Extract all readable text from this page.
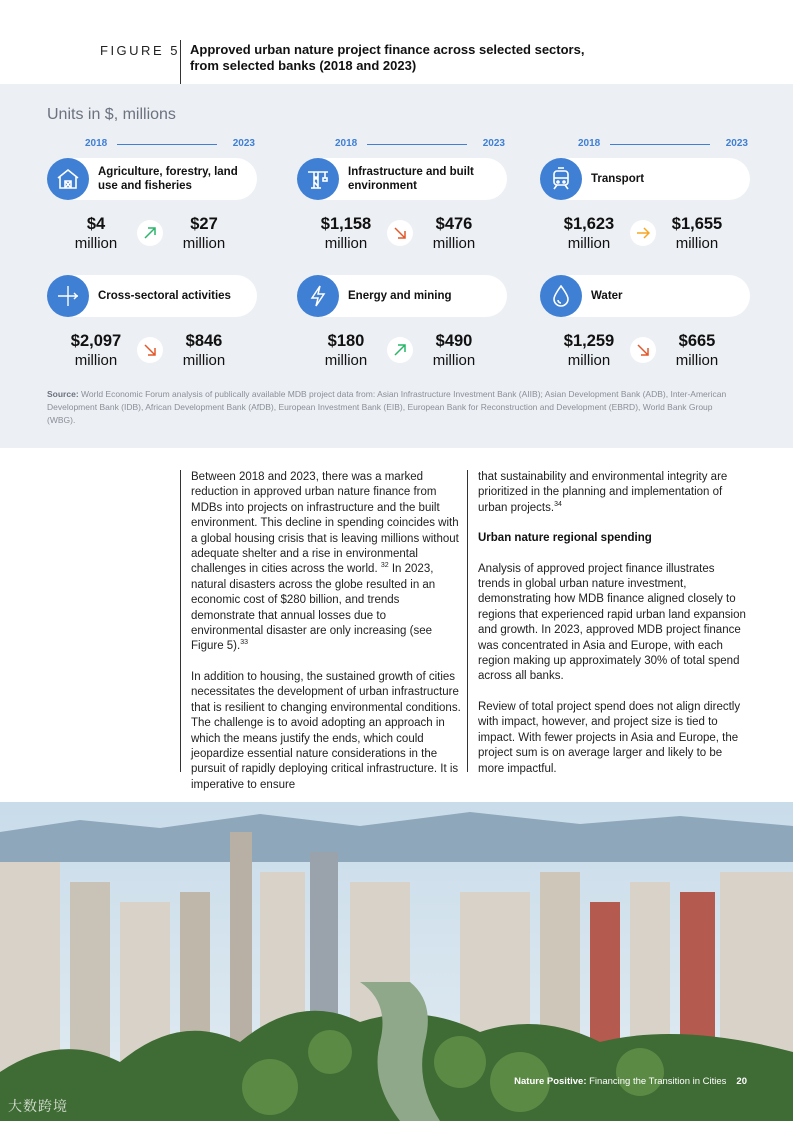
FIGURE 5 Approved urban nature project finance across selected sectors, from selected banks (2018 and 2023)
Units in $, millions
2018	2023
Agriculture, forestry, land use and fisheries
$4
million
$27
million
2018	2023
Infrastructure and built environment
$1,158
million
$476
million
2018	2023
Transport
$1,623
million
$1,655
million
Cross-sectoral activities
$2,097
million
$846
million
Energy and mining
$180
million
$490
million
Water
$1,259
million
$665
million
Source: World Economic Forum analysis of publically available MDB project data from: Asian Infrastructure Investment Bank (AIIB); Asian Development Bank (ADB), Inter-American Development Bank (IDB), African Development Bank (AfDB), European Investment Bank (EIB), European Bank for Reconstruction and Development (EBRD), World Bank Group (WBG).

Between 2018 and 2023, there was a marked reduction in approved urban nature finance from MDBs into projects on infrastructure and the built environment. This decline in spending coincides with a global housing crisis that is leaving millions without adequate shelter and a rise in environmental challenges in cities across the world. $^{32}$ In 2023, natural disasters across the globe resulted in an economic cost of $280 billion, and trends demonstrate that annual losses due to environmental disaster are only increasing (see Figure 5).$^{33}$

In addition to housing, the sustained growth of cities necessitates the development of urban infrastructure that is resilient to changing environmental conditions. The challenge is to avoid adopting an approach in which the means justify the ends, which could jeopardize essential nature considerations in the pursuit of rapidly deploying critical infrastructure. It is imperative to ensure

that sustainability and environmental integrity are prioritized in the planning and implementation of urban projects.$^{34}$

Urban nature regional spending

Analysis of approved project finance illustrates trends in global urban nature investment, demonstrating how MDB finance aligned closely to regions that experienced rapid urban land expansion and growth. In 2023, approved MDB project finance was concentrated in Asia and Europe, with each region making up approximately 30% of total spend across all banks.

Review of total project spend does not align directly with impact, however, and project size is tied to impact. With fewer projects in Asia and Europe, the project sum is on average larger and likely to be more impactful.

Nature Positive: Financing the Transition in Cities 20
大数跨境
